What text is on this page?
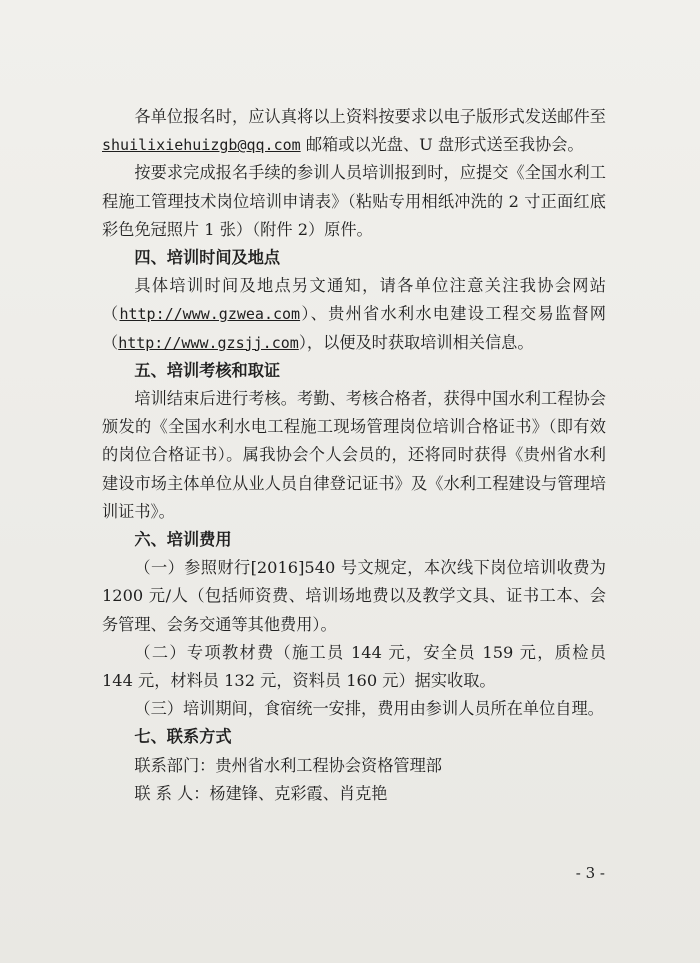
各单位报名时，应认真将以上资料按要求以电子版形式发送邮件至 shuilixiehuizgb@qq.com 邮箱或以光盘、U 盘形式送至我协会。

按要求完成报名手续的参训人员培训报到时，应提交《全国水利工程施工管理技术岗位培训申请表》（粘贴专用相纸冲洗的 2 寸正面红底彩色免冠照片 1 张）（附件 2）原件。

四、培训时间及地点

具体培训时间及地点另文通知，请各单位注意关注我协会网站（http://www.gzwea.com）、贵州省水利水电建设工程交易监督网（http://www.gzsjj.com），以便及时获取培训相关信息。

五、培训考核和取证

培训结束后进行考核。考勤、考核合格者，获得中国水利工程协会颁发的《全国水利水电工程施工现场管理岗位培训合格证书》（即有效的岗位合格证书）。属我协会个人会员的，还将同时获得《贵州省水利建设市场主体单位从业人员自律登记证书》及《水利工程建设与管理培训证书》。

六、培训费用

（一）参照财行[2016]540 号文规定，本次线下岗位培训收费为 1200 元/人（包括师资费、培训场地费以及教学文具、证书工本、会务管理、会务交通等其他费用）。

（二）专项教材费（施工员 144 元，安全员 159 元，质检员 144 元，材料员 132 元，资料员 160 元）据实收取。

（三）培训期间，食宿统一安排，费用由参训人员所在单位自理。

七、联系方式

联系部门：贵州省水利工程协会资格管理部

联 系 人：杨建锋、克彩霞、肖克艳

- 3 -
